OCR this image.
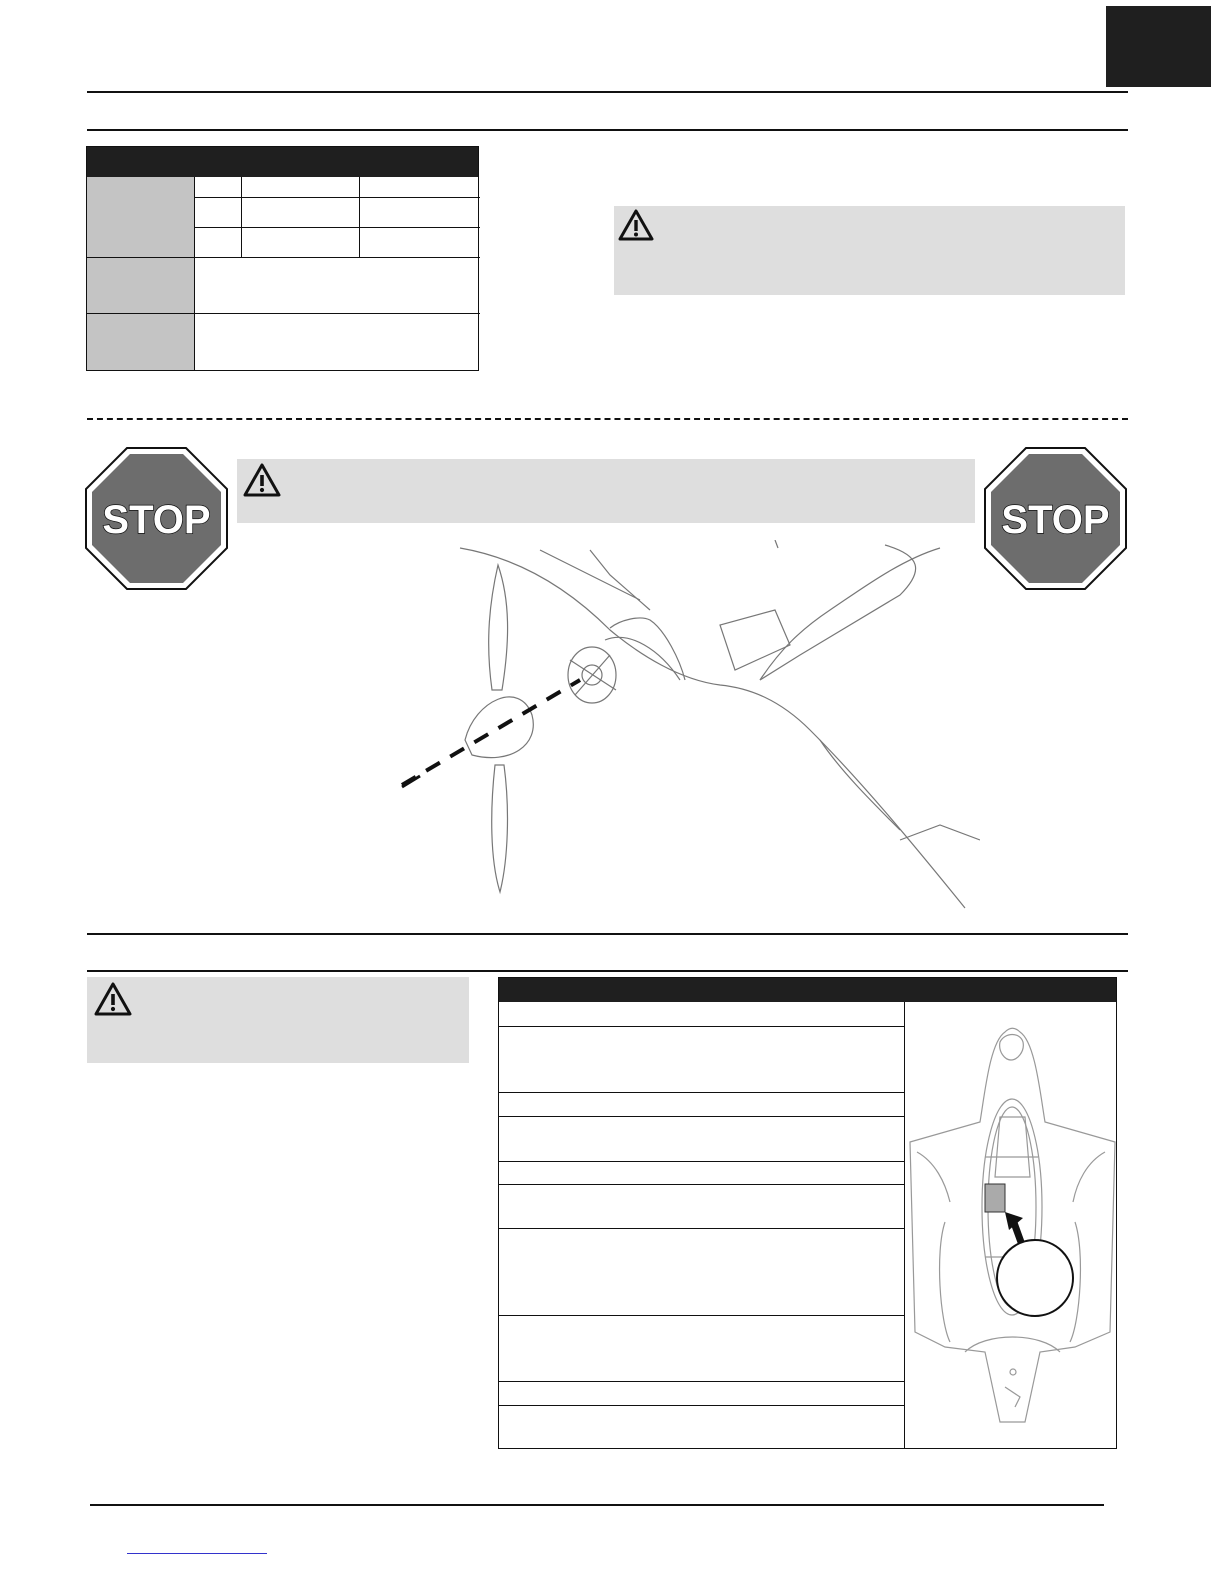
STOP	STOP
